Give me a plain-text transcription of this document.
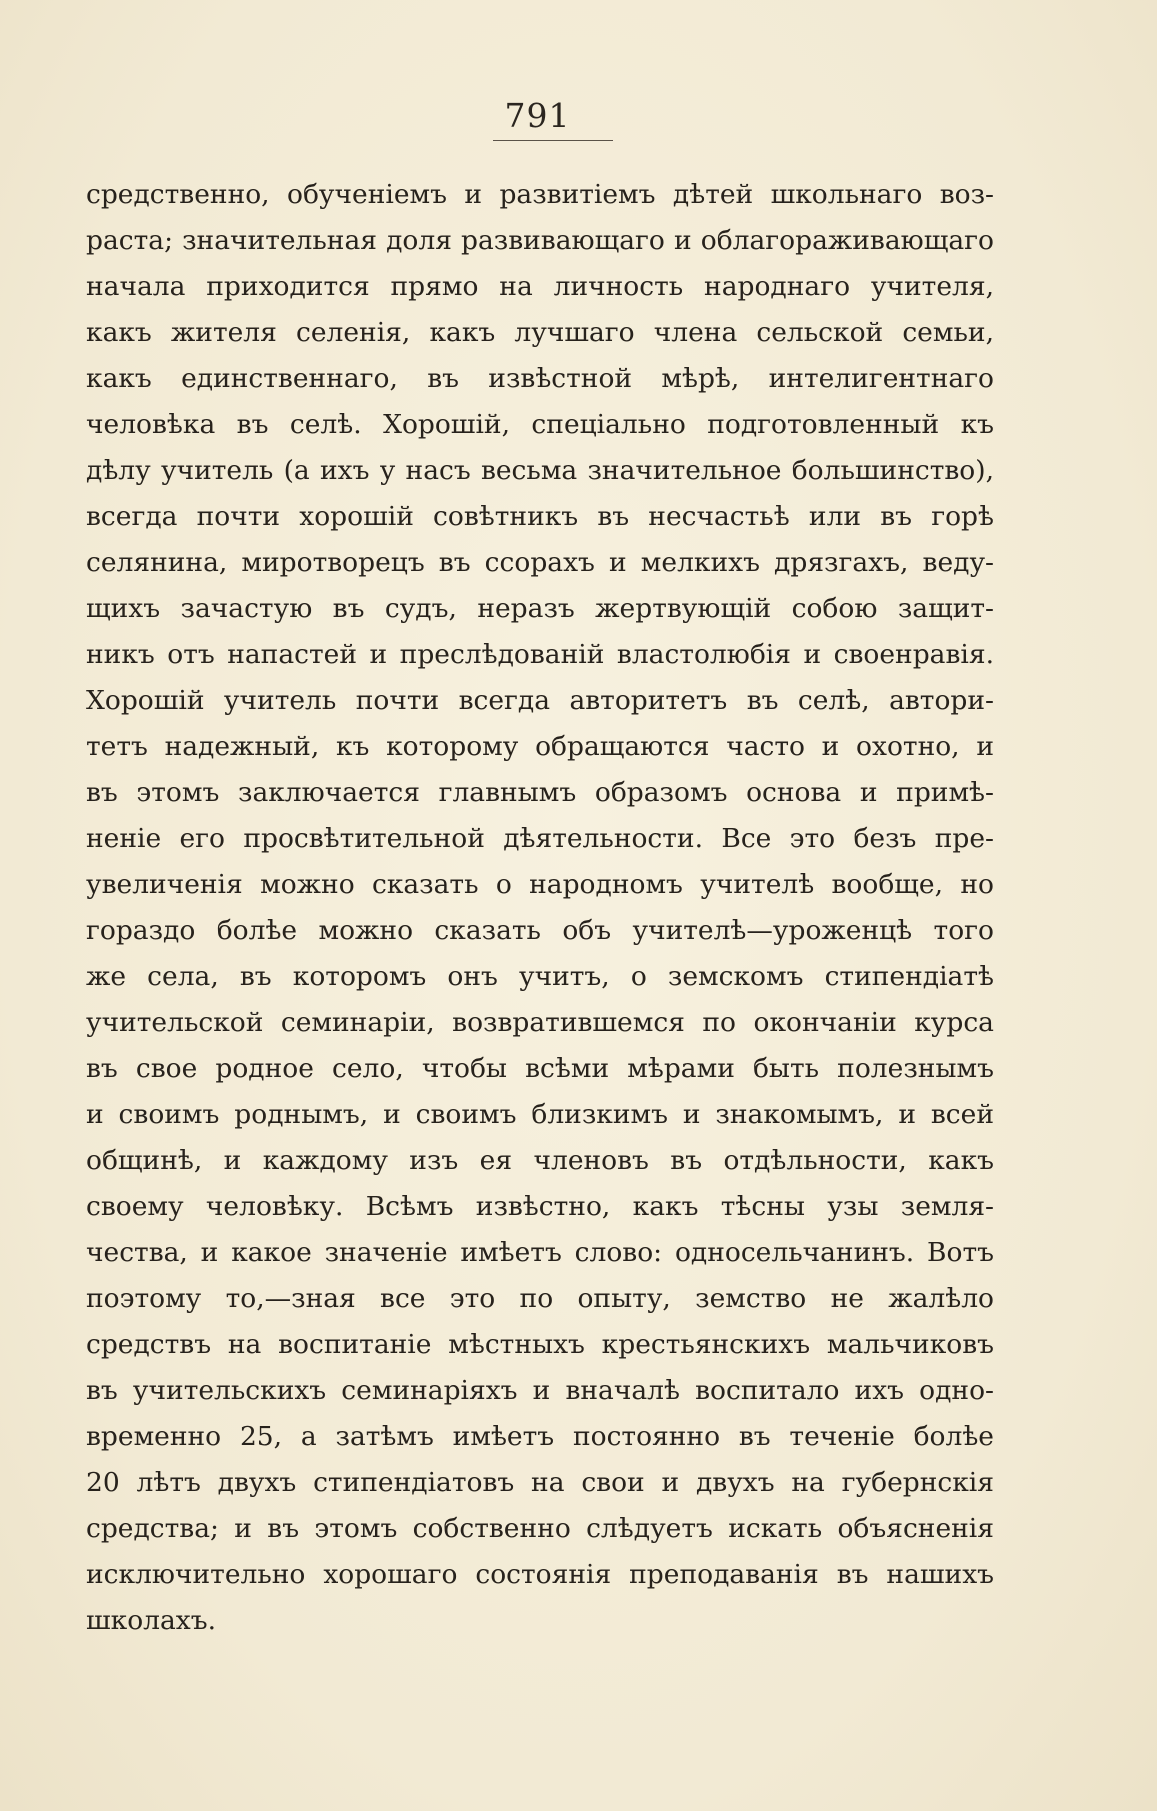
791
средственно, обученіемъ и развитіемъ дѣтей школьнаго воз-
раста; значительная доля развивающаго и облагораживающаго
начала приходится прямо на личность народнаго учителя,
какъ жителя селенія, какъ лучшаго члена сельской семьи,
какъ единственнаго, въ извѣстной мѣрѣ, интелигентнаго
человѣка въ селѣ. Хорошій, спеціально подготовленный къ
дѣлу учитель (а ихъ у насъ весьма значительное большинство),
всегда почти хорошій совѣтникъ въ несчастьѣ или въ горѣ
селянина, миротворецъ въ ссорахъ и мелкихъ дрязгахъ, веду-
щихъ зачастую въ судъ, неразъ жертвующій собою защит-
никъ отъ напастей и преслѣдованій властолюбія и своенравія.
Хорошій учитель почти всегда авторитетъ въ селѣ, автори-
тетъ надежный, къ которому обращаются часто и охотно, и
въ этомъ заключается главнымъ образомъ основа и примѣ-
неніе его просвѣтительной дѣятельности. Все это безъ пре-
увеличенія можно сказать о народномъ учителѣ вообще, но
гораздо болѣе можно сказать объ учителѣ—уроженцѣ того
же села, въ которомъ онъ учитъ, о земскомъ стипендіатѣ
учительской семинаріи, возвратившемся по окончаніи курса
въ свое родное село, чтобы всѣми мѣрами быть полезнымъ
и своимъ роднымъ, и своимъ близкимъ и знакомымъ, и всей
общинѣ, и каждому изъ ея членовъ въ отдѣльности, какъ
своему человѣку. Всѣмъ извѣстно, какъ тѣсны узы земля-
чества, и какое значеніе имѣетъ слово: односельчанинъ. Вотъ
поэтому то,—зная все это по опыту, земство не жалѣло
средствъ на воспитаніе мѣстныхъ крестьянскихъ мальчиковъ
въ учительскихъ семинаріяхъ и вначалѣ воспитало ихъ одно-
временно 25, а затѣмъ имѣетъ постоянно въ теченіе болѣе
20 лѣтъ двухъ стипендіатовъ на свои и двухъ на губернскія
средства; и въ этомъ собственно слѣдуетъ искать объясненія
исключительно хорошаго состоянія преподаванія въ нашихъ
школахъ.
